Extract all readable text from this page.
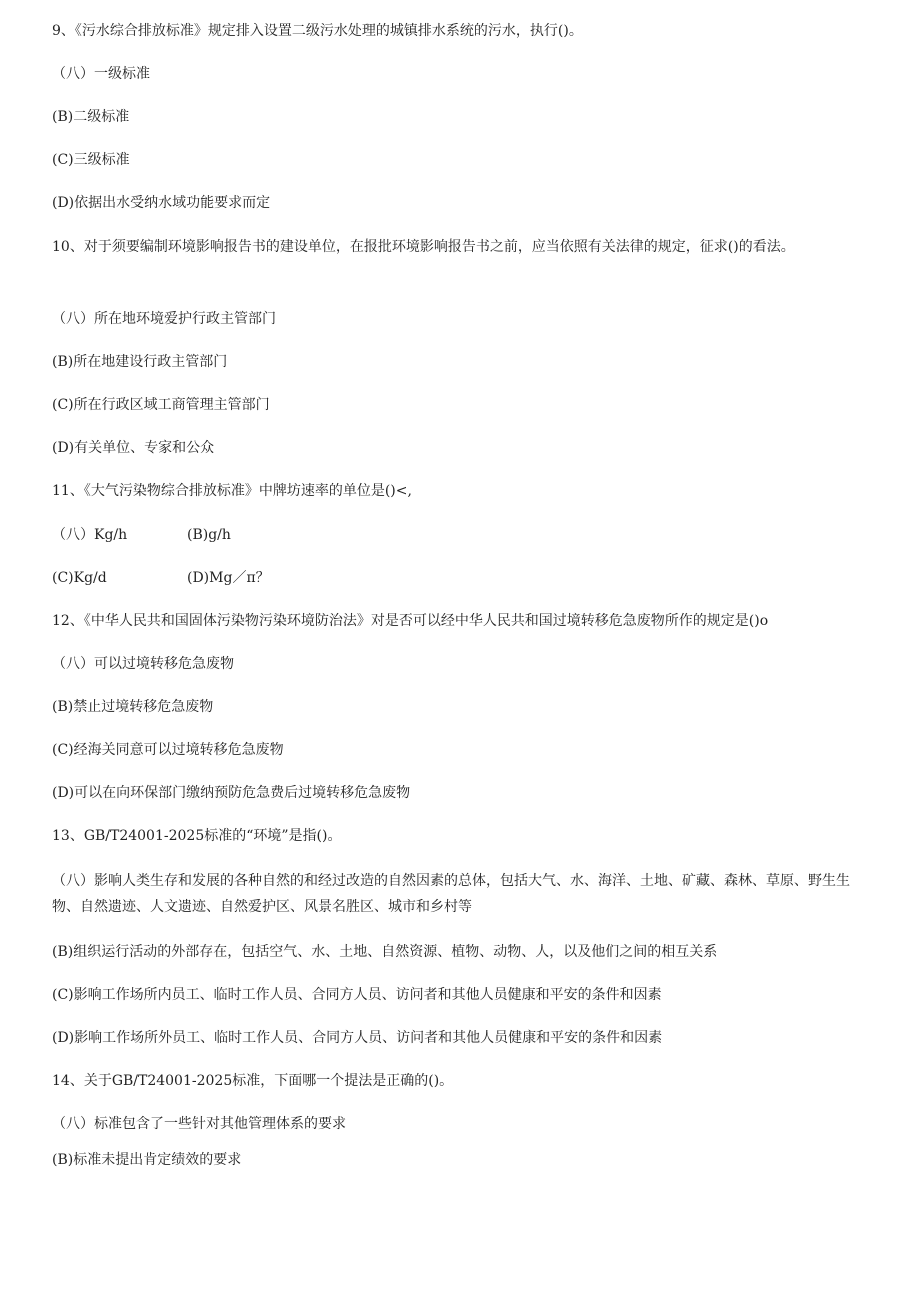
9、《污水综合排放标准》规定排入设置二级污水处理的城镇排水系统的污水，执行()。
（八）一级标准
(B)二级标准
(C)三级标准
(D)依据出水受纳水域功能要求而定
10、对于须要编制环境影响报告书的建设单位，在报批环境影响报告书之前，应当依照有关法律的规定，征求()的看法。
（八）所在地环境爱护行政主管部门
(B)所在地建设行政主管部门
(C)所在行政区域工商管理主管部门
(D)有关单位、专家和公众
11、《大气污染物综合排放标准》中牌坊速率的单位是()<,
（八）Kg/h	(B)g/h
(C)Kg/d	(D)Mg／π？
12、《中华人民共和国固体污染物污染环境防治法》对是否可以经中华人民共和国过境转移危急废物所作的规定是()o
（八）可以过境转移危急废物
(B)禁止过境转移危急废物
(C)经海关同意可以过境转移危急废物
(D)可以在向环保部门缴纳预防危急费后过境转移危急废物
13、GB/T24001-2025标准的“环境”是指()。
（八）影响人类生存和发展的各种自然的和经过改造的自然因素的总体，包括大气、水、海洋、土地、矿藏、森林、草原、野生生物、自然遗迹、人文遗迹、自然爱护区、风景名胜区、城市和乡村等
(B)组织运行活动的外部存在，包括空气、水、土地、自然资源、植物、动物、人，以及他们之间的相互关系
(C)影响工作场所内员工、临时工作人员、合同方人员、访问者和其他人员健康和平安的条件和因素
(D)影响工作场所外员工、临时工作人员、合同方人员、访问者和其他人员健康和平安的条件和因素
14、关于GB/T24001-2025标准，下面哪一个提法是正确的()。
（八）标准包含了一些针对其他管理体系的要求
(B)标准未提出肯定绩效的要求
